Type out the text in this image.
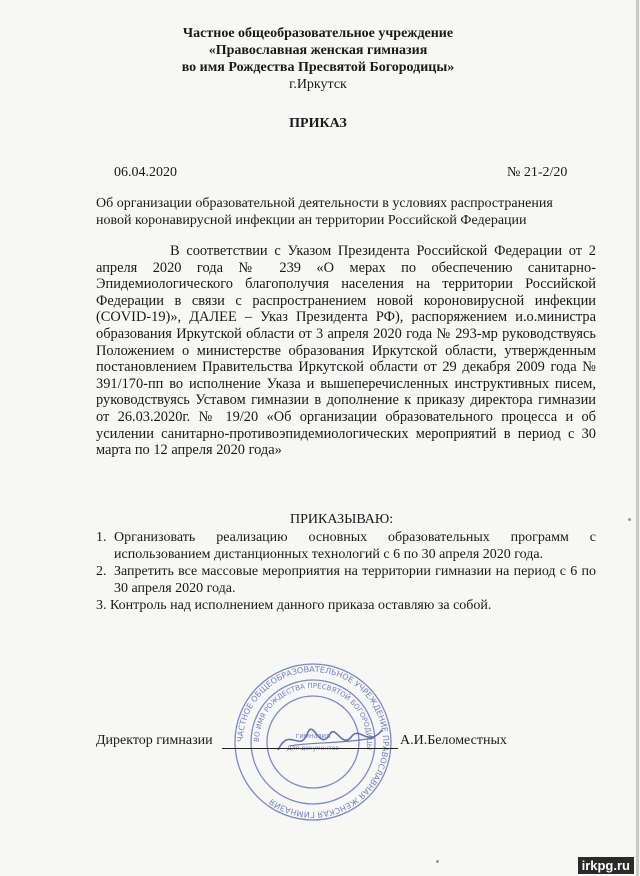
Частное общеобразовательное учреждение
«Православная женская гимназия
во имя Рождества Пресвятой Богородицы»
г.Иркутск
ПРИКАЗ
06.04.2020	№ 21-2/20
Об организации образовательной деятельности в условиях распространения новой коронавирусной инфекции ан территории Российской Федерации
В соответствии с Указом Президента Российской Федерации от 2 апреля 2020 года № 239 «О мерах по обеспечению санитарно-Эпидемиологического благополучия населения на территории Российской Федерации в связи с распространением новой короновирусной инфекции (COVID-19)», ДАЛЕЕ – Указ Президента РФ), распоряжением и.о.министра образования Иркутской области от 3 апреля 2020 года № 293-мр руководствуясь Положением о министерстве образования Иркутской области, утвержденным постановлением Правительства Иркутской области от 29 декабря 2009 года № 391/170-пп во исполнение Указа и вышеперечисленных инструктивных писем, руководствуясь Уставом гимназии в дополнение к приказу директора гимназии от 26.03.2020г. № 19/20 «Об организации образовательного процесса и об усилении санитарно-противоэпидемиологических мероприятий в период с 30 марта по 12 апреля 2020 года»
ПРИКАЗЫВАЮ:
1. Организовать реализацию основных образовательных программ с использованием дистанционных технологий с 6 по 30 апреля 2020 года.
2. Запретить все массовые мероприятия на территории гимназии на период с 6 по 30 апреля 2020 года.
3. Контроль над исполнением данного приказа оставляю за собой.
ЧАСТНОЕ ОБЩЕОБРАЗОВАТЕЛЬНОЕ УЧРЕЖДЕНИЕ ПРАВОСЛАВНАЯ ЖЕНСКАЯ ГИМНАЗИЯ
ВО ИМЯ РОЖДЕСТВА ПРЕСВЯТОЙ БОГОРОДИЦЫ
гимназия
Для документов
Директор гимназии	А.И.Беломестных
irkpg.ru
